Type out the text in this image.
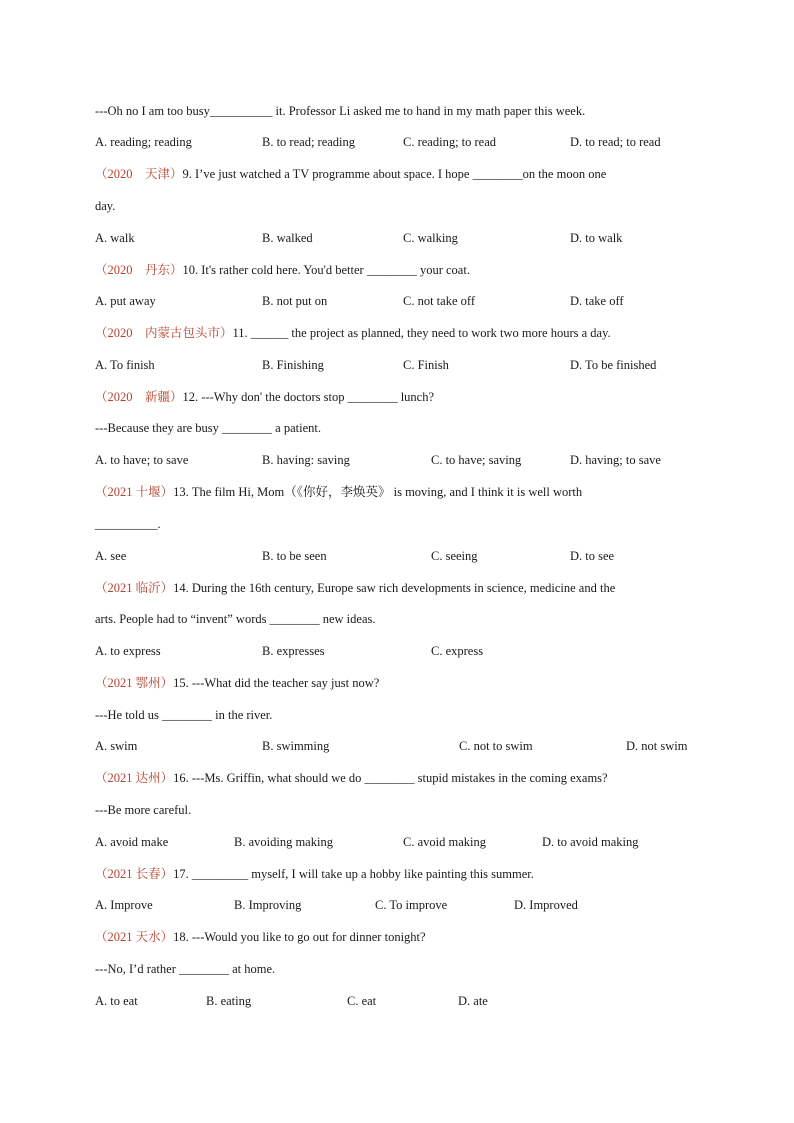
---Oh no I am too busy__________ it. Professor Li asked me to hand in my math paper this week.
A. reading; reading	B. to read; reading	C. reading; to read	D. to read; to read
（2020　天津）9. I’ve just watched a TV programme about space. I hope ________on the moon one
day.
A. walk	B. walked	C. walking	D. to walk
（2020　丹东）10. It's rather cold here. You'd better ________ your coat.
A. put away	B. not put on	C. not take off	D. take off
（2020　内蒙古包头市）11. ______ the project as planned, they need to work two more hours a day.
A. To finish	B. Finishing	C. Finish	D. To be finished
（2020　新疆）12. ---Why don' the doctors stop ________ lunch?
---Because they are busy ________ a patient.
A. to have; to save	B. having: saving	C. to have; saving	D. having; to save
（2021 十堰）13. The film Hi, Mom（《你好，李焕英》 is moving, and I think it is well worth
__________.
A. see	B. to be seen	C. seeing	D. to see
（2021 临沂）14. During the 16th century, Europe saw rich developments in science, medicine and the
arts. People had to “invent” words ________ new ideas.
A. to express	B. expresses	C. express
（2021 鄂州）15. ---What did the teacher say just now?
---He told us ________ in the river.
A. swim	B. swimming	C. not to swim	D. not swim
（2021 达州）16. ---Ms. Griffin, what should we do ________ stupid mistakes in the coming exams?
---Be more careful.
A. avoid make	B. avoiding making	C. avoid making	D. to avoid making
（2021 长春）17. _________ myself, I will take up a hobby like painting this summer.
A. Improve	B. Improving	C. To improve	D. Improved
（2021 天水）18. ---Would you like to go out for dinner tonight?
---No, I’d rather ________ at home.
A. to eat	B. eating	C. eat	D. ate
